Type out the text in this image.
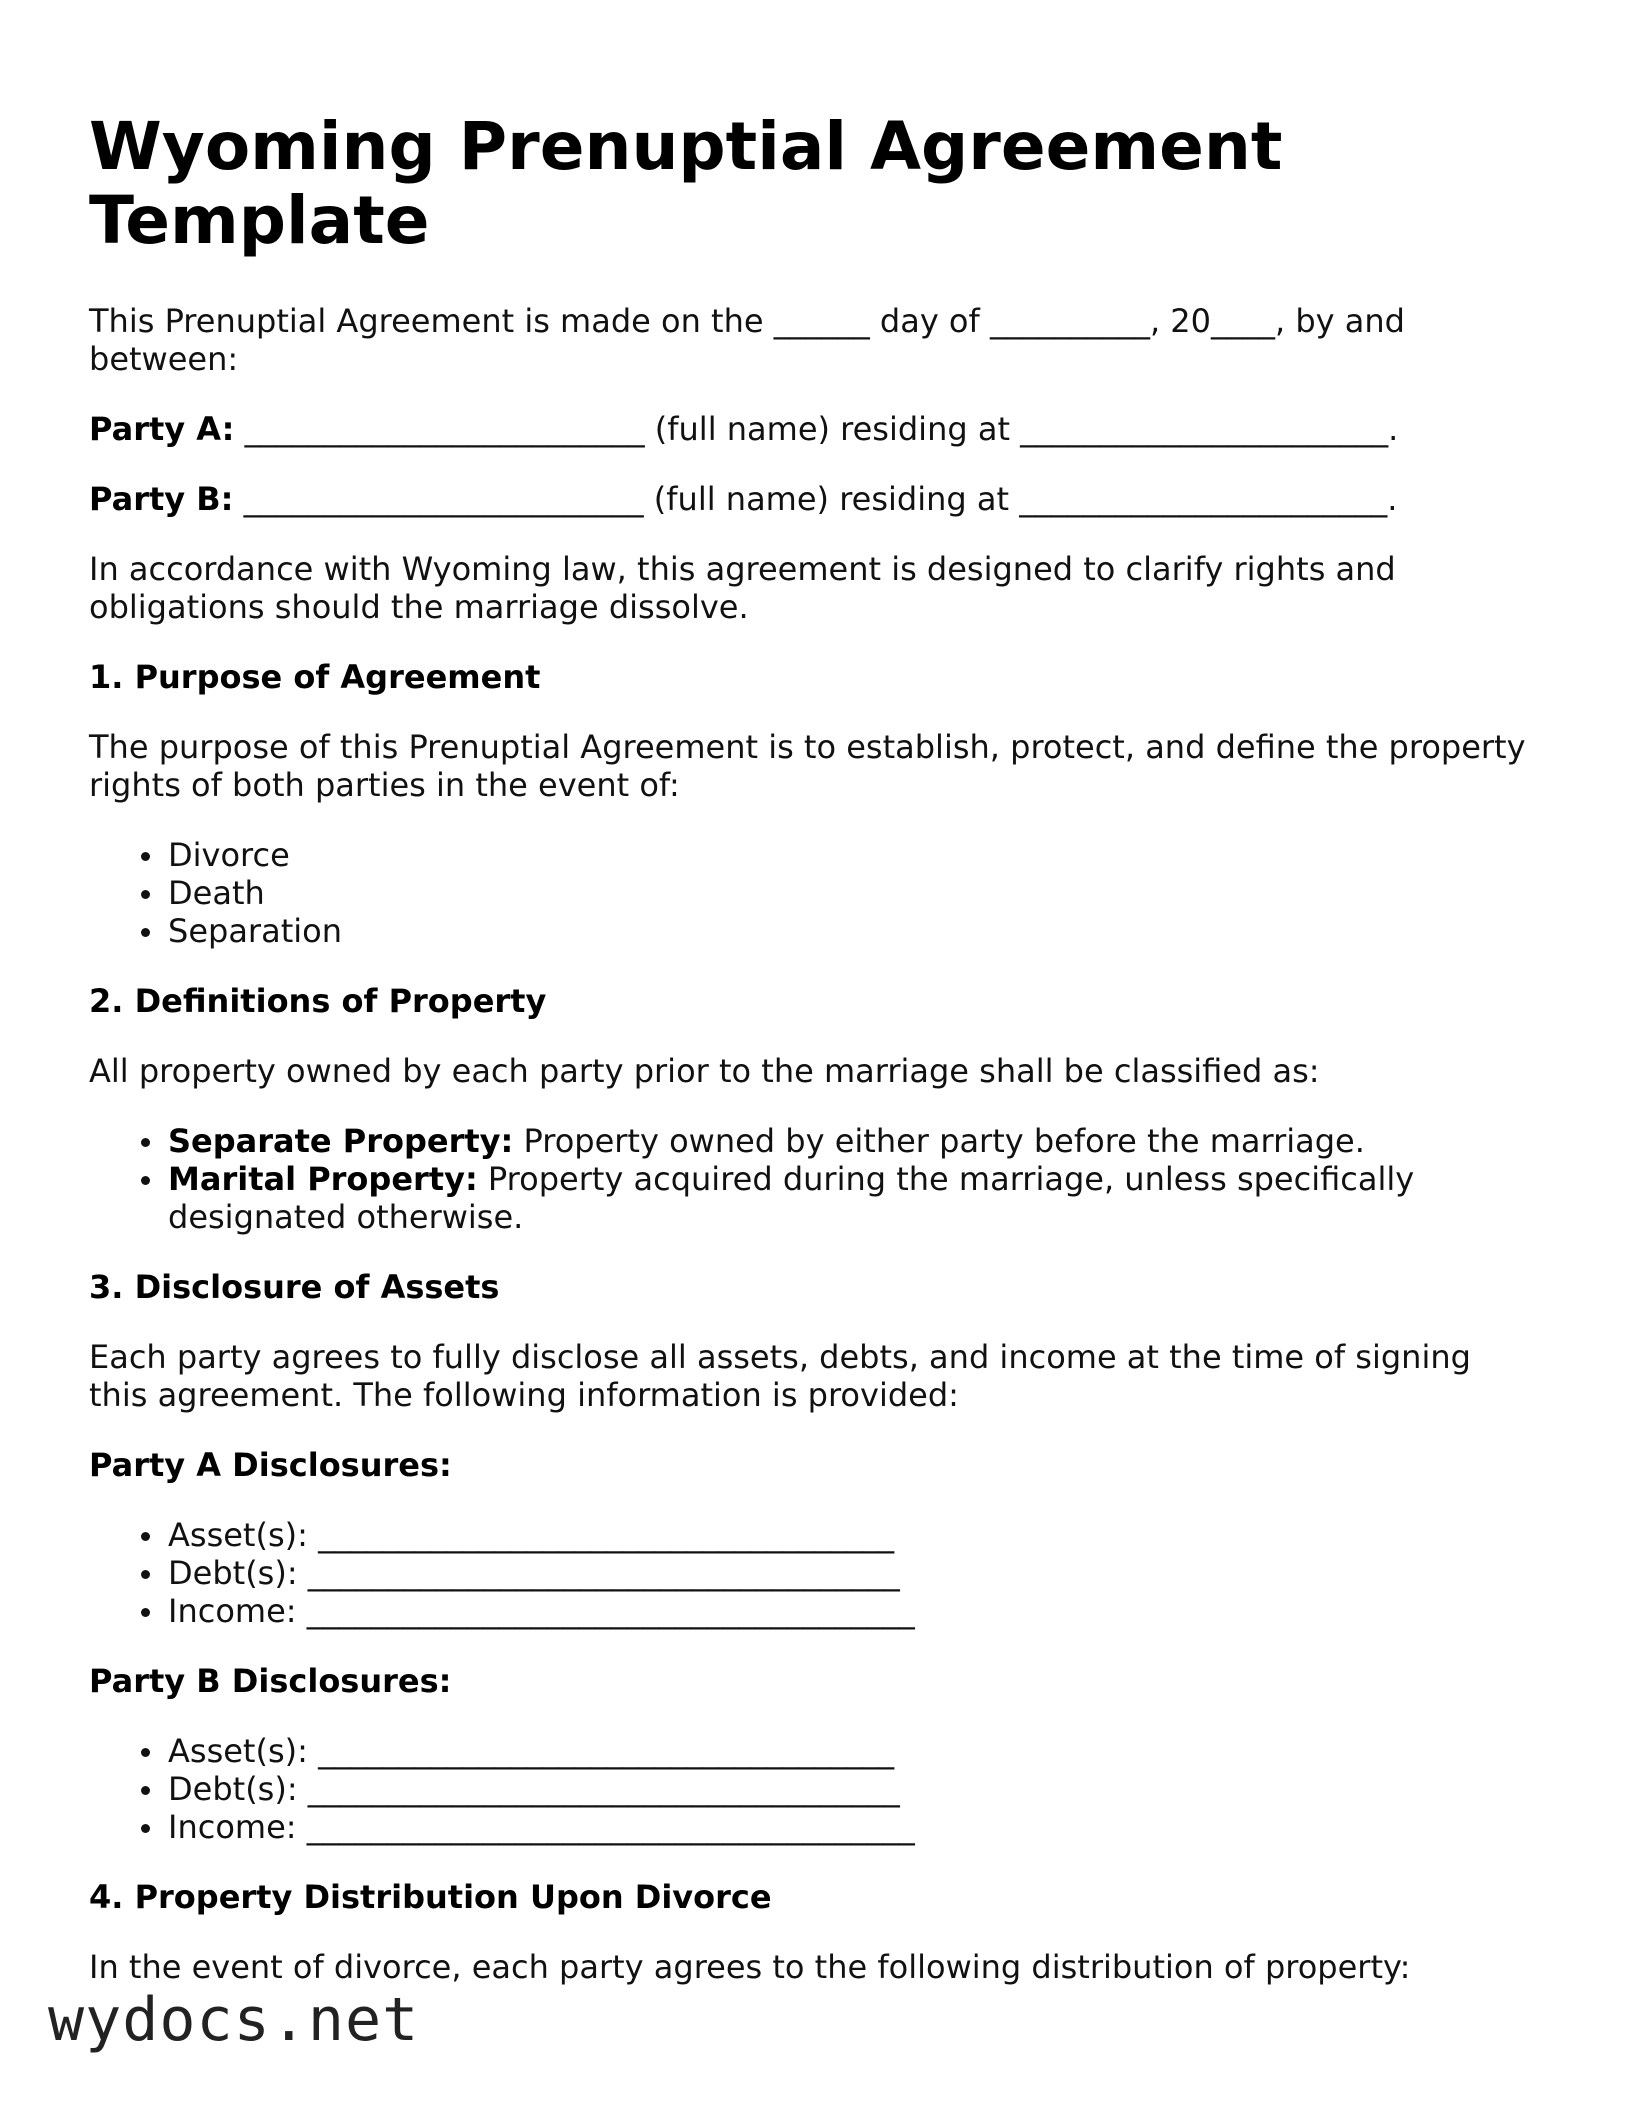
Wyoming Prenuptial Agreement Template

This Prenuptial Agreement is made on the ______ day of __________, 20____, by and between:

Party A: _________________________ (full name) residing at _______________________.

Party B: _________________________ (full name) residing at _______________________.

In accordance with Wyoming law, this agreement is designed to clarify rights and obligations should the marriage dissolve.

1. Purpose of Agreement

The purpose of this Prenuptial Agreement is to establish, protect, and define the property rights of both parties in the event of:

Divorce
Death
Separation
2. Definitions of Property

All property owned by each party prior to the marriage shall be classified as:

Separate Property: Property owned by either party before the marriage.
Marital Property: Property acquired during the marriage, unless specifically designated otherwise.
3. Disclosure of Assets

Each party agrees to fully disclose all assets, debts, and income at the time of signing this agreement. The following information is provided:

Party A Disclosures:
Asset(s): ____________________________________
Debt(s): _____________________________________
Income: ______________________________________
Party B Disclosures:
Asset(s): ____________________________________
Debt(s): _____________________________________
Income: ______________________________________
4. Property Distribution Upon Divorce

In the event of divorce, each party agrees to the following distribution of property:

wydocs.net
